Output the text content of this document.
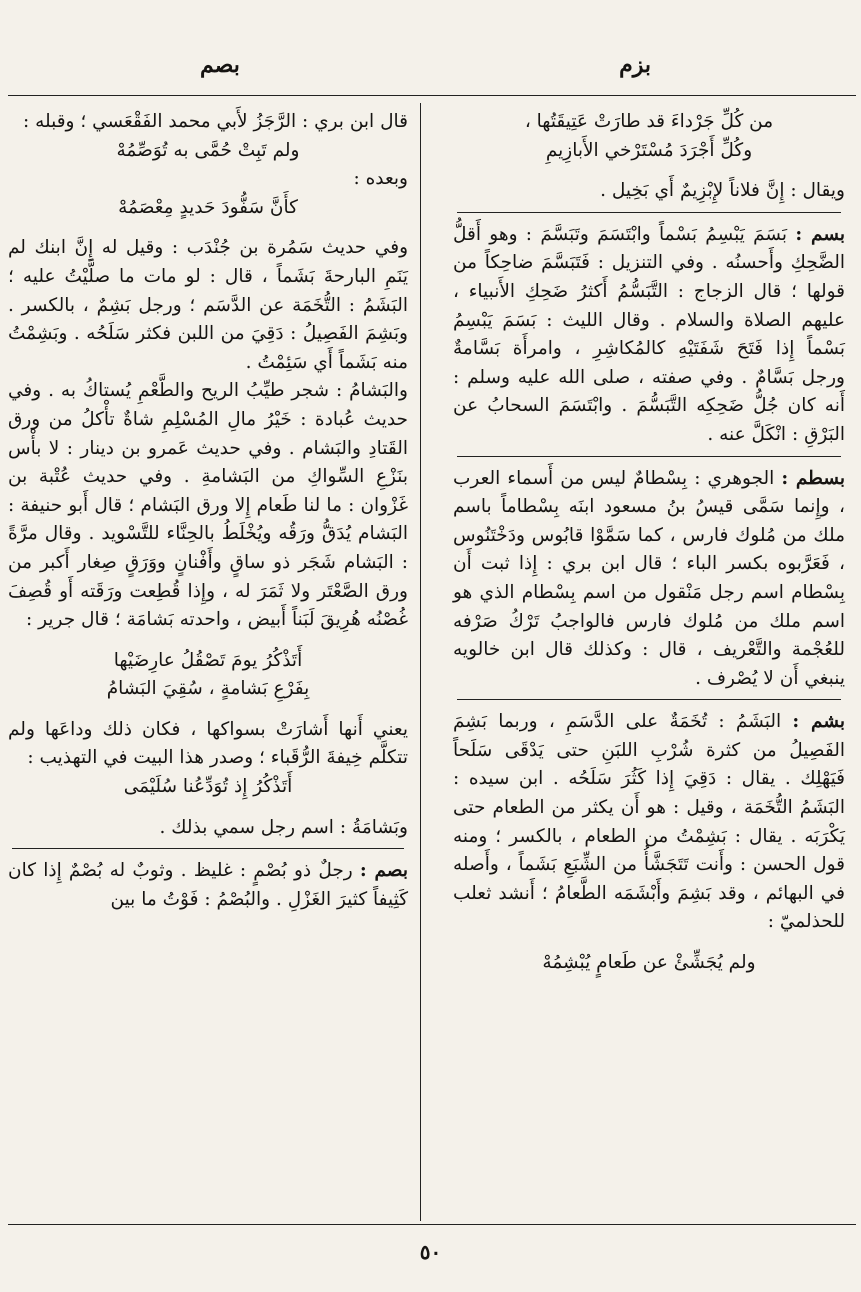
بزم
بصم

من كُلِّ جَرْداءَ قد طارَتْ عَتِيقَتُها ،

وكُلِّ أَجْرَدَ مُسْتَرْخي الأَبازِيمِ

ويقال : إِنَّ فلاناً لإِبْزِيمٌ أَي بَخِيل .

بسم : بَسَمَ يَبْسِمُ بَسْماً وابْتَسَمَ وتَبَسَّمَ : وهو أَقلُّ الضَّحِكِ وأَحسنُه . وفي التنزيل : فَتَبَسَّمَ ضاحِكاً من قولها ؛ قال الزجاج : التَّبَسُّمُ أَكثرُ ضَحِكِ الأَنبياء ، عليهم الصلاة والسلام . وقال الليث : بَسَمَ يَبْسِمُ بَسْماً إِذا فَتَحَ شَفَتَيْهِ كالمُكاشِرِ ، وامرأَة بَسَّامةٌ ورجل بَسَّامٌ . وفي صفته ، صلى الله عليه وسلم : أَنه كان جُلُّ ضَحِكِه التَّبَسُّمَ . وابْتَسَمَ السحابُ عن البَرْقِ : انْكَلَّ عنه .

بسطم : الجوهري : بِسْطامٌ ليس من أَسماء العرب ، وإِنما سَمَّى قيسُ بنُ مسعود ابنَه بِسْطاماً باسم ملك من مُلوك فارس ، كما سَمَّوْا قابُوس ودَخْتَنُوس ، فَعَرَّبوه بكسر الباء ؛ قال ابن بري : إِذا ثبت أَن بِسْطام اسم رجل مَنْقول من اسم بِسْطام الذي هو اسم ملك من مُلوك فارس فالواجبُ تَرْكُ صَرْفه للعُجْمة والتَّعْريف ، قال : وكذلك قال ابن خالويه ينبغي أَن لا يُصْرف .

بشم : البَشَمُ : تُخَمَةٌ على الدَّسَمِ ، وربما بَشِمَ الفَصِيلُ من كثرة شُرْبِ اللبَنِ حتى يَدْقَى سَلَحاً فَيَهْلِك . يقال : دَقِيَ إِذا كَثُرَ سَلَحُه . ابن سيده : البَشَمُ التُّخَمَة ، وقيل : هو أَن يكثر من الطعام حتى يَكْرَبَه . يقال : بَشِمْتُ من الطعام ، بالكسر ؛ ومنه قول الحسن : وأَنت تَتَجَشَّأُ من الشِّبَعِ بَشَماً ، وأَصله في البهائم ، وقد بَشِمَ وأَبْشَمَه الطَّعامُ ؛ أَنشد ثعلب للحذلميّ :

ولم يُجَشِّئْ عن طَعامٍ يُبْشِمُهْ

قال ابن بري : الرَّجَزُ لأَبي محمد الفَقْعَسي ؛ وقبله :

ولم تَبِتْ حُمَّى به تُوَصِّمُهْ

وبعده :

كأَنَّ سَفُّودَ حَديدٍ مِعْصَمُهْ

وفي حديث سَمُرة بن جُنْدَب : وقيل له إِنَّ ابنك لم يَنَمِ البارحةَ بَشَماً ، قال : لو مات ما صلَّيْتُ عليه ؛ البَشَمُ : التُّخَمَة عن الدَّسَم ؛ ورجل بَشِمٌ ، بالكسر . وبَشِمَ الفَصِيلُ : دَقِيَ من اللبن فكثر سَلَحُه . وبَشِمْتُ منه بَشَماً أَي سَئِمْتُ .

والبَشامُ : شجر طيِّبُ الريح والطَّعْمِ يُستاكُ به . وفي حديث عُبادة : خَيْرُ مالِ المُسْلِمِ شاةٌ تأْكلُ من ورق القَتادِ والبَشام . وفي حديث عَمرو بن دينار : لا بأْس بنَزْعِ السِّواكِ من البَشامةِ . وفي حديث عُتْبة بن غَزْوان : ما لنا طَعام إِلا ورق البَشام ؛ قال أَبو حنيفة : البَشام يُدَقُّ ورَقُه ويُخْلَطُ بالحِنَّاء للتَّسْويد . وقال مرَّةً : البَشام شَجَر ذو ساقٍ وأَفْنانٍ ووَرَقٍ صِغار أَكبر من ورق الصَّعْتَر ولا ثَمَرَ له ، وإِذا قُطِعت ورَقَته أَو قُصِفَ غُصْنُه هُرِيقَ لَبَناً أَبيض ، واحدته بَشامَة ؛ قال جرير :

أَتَذْكُرُ يومَ تَصْقُلُ عارِضَيْها

بِفَرْعِ بَشامةٍ ، سُقِيَ البَشامُ

يعني أَنها أَشارَتْ بسواكها ، فكان ذلك وداعَها ولم تتكلَّم خِيفةَ الرُّقَباء ؛ وصدر هذا البيت في التهذيب :

أَتَذْكُرُ إِذ تُوَدِّعُنا سُلَيْمَى

وبَشامَةُ : اسم رجل سمي بذلك .

بصم : رجلٌ ذو بُصْمٍ : غليظ . وثوبٌ له بُصْمٌ إِذا كان كَثِيفاً كثيرَ الغَزْلِ . والبُصْمُ : فَوْتُ ما بين

٥٠
